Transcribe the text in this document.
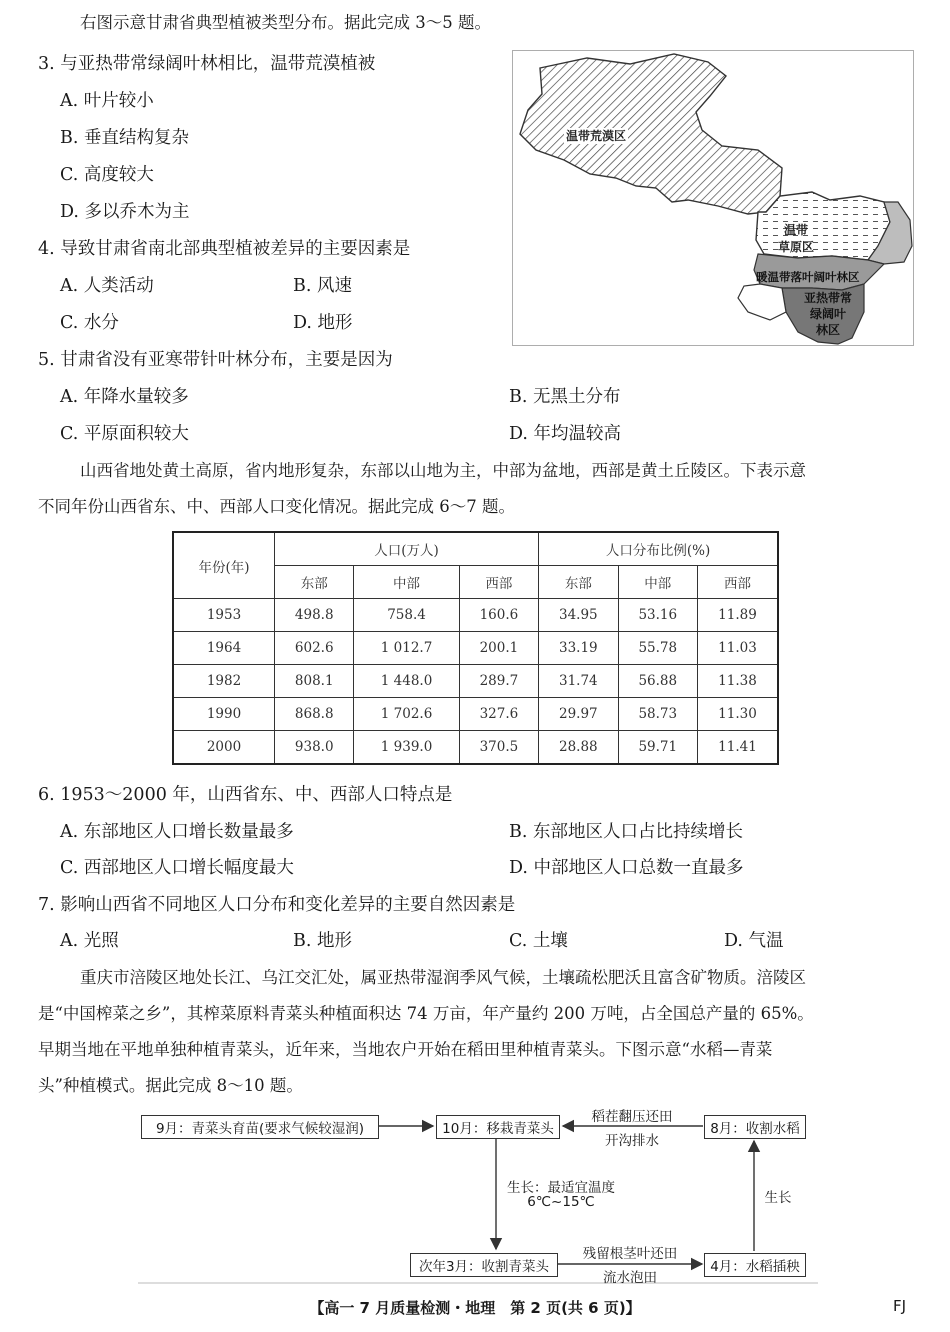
右图示意甘肃省典型植被类型分布。据此完成 3～5 题。
3. 与亚热带常绿阔叶林相比，温带荒漠植被
A. 叶片较小
B. 垂直结构复杂
C. 高度较大
D. 多以乔木为主
4. 导致甘肃省南北部典型植被差异的主要因素是
A. 人类活动	B. 风速
C. 水分	D. 地形
温带荒漠区
温带
草原区
暖温带落叶阔叶林区
亚热带常
绿阔叶
林区
5. 甘肃省没有亚寒带针叶林分布，主要是因为
A. 年降水量较多	B. 无黑土分布
C. 平原面积较大	D. 年均温较高
山西省地处黄土高原，省内地形复杂，东部以山地为主，中部为盆地，西部是黄土丘陵区。下表示意
不同年份山西省东、中、西部人口变化情况。据此完成 6～7 题。
年份(年)	人口(万人)			人口分布比例(%)		
	东部	中部	西部	东部	中部	西部
1953	498.8	758.4	160.6	34.95	53.16	11.89
1964	602.6	1 012.7	200.1	33.19	55.78	11.03
1982	808.1	1 448.0	289.7	31.74	56.88	11.38
1990	868.8	1 702.6	327.6	29.97	58.73	11.30
2000	938.0	1 939.0	370.5	28.88	59.71	11.41
6. 1953～2000 年，山西省东、中、西部人口特点是
A. 东部地区人口增长数量最多	B. 东部地区人口占比持续增长
C. 西部地区人口增长幅度最大	D. 中部地区人口总数一直最多
7. 影响山西省不同地区人口分布和变化差异的主要自然因素是
A. 光照	B. 地形	C. 土壤	D. 气温
重庆市涪陵区地处长江、乌江交汇处，属亚热带湿润季风气候，土壤疏松肥沃且富含矿物质。涪陵区
是“中国榨菜之乡”，其榨菜原料青菜头种植面积达 74 万亩，年产量约 200 万吨，占全国总产量的 65%。
早期当地在平地单独种植青菜头，近年来，当地农户开始在稻田里种植青菜头。下图示意“水稻—青菜
头”种植模式。据此完成 8～10 题。
9月：青菜头育苗(要求气候较湿润)	10月：移栽青菜头	8月：收割水稻
次年3月：收割青菜头	4月：水稻插秧
稻茬翻压还田
开沟排水
生长：最适宜温度
6℃~15℃	生长
残留根茎叶还田
流水泡田
【高一 7 月质量检测・地理　第 2 页(共 6 页)】	FJ
